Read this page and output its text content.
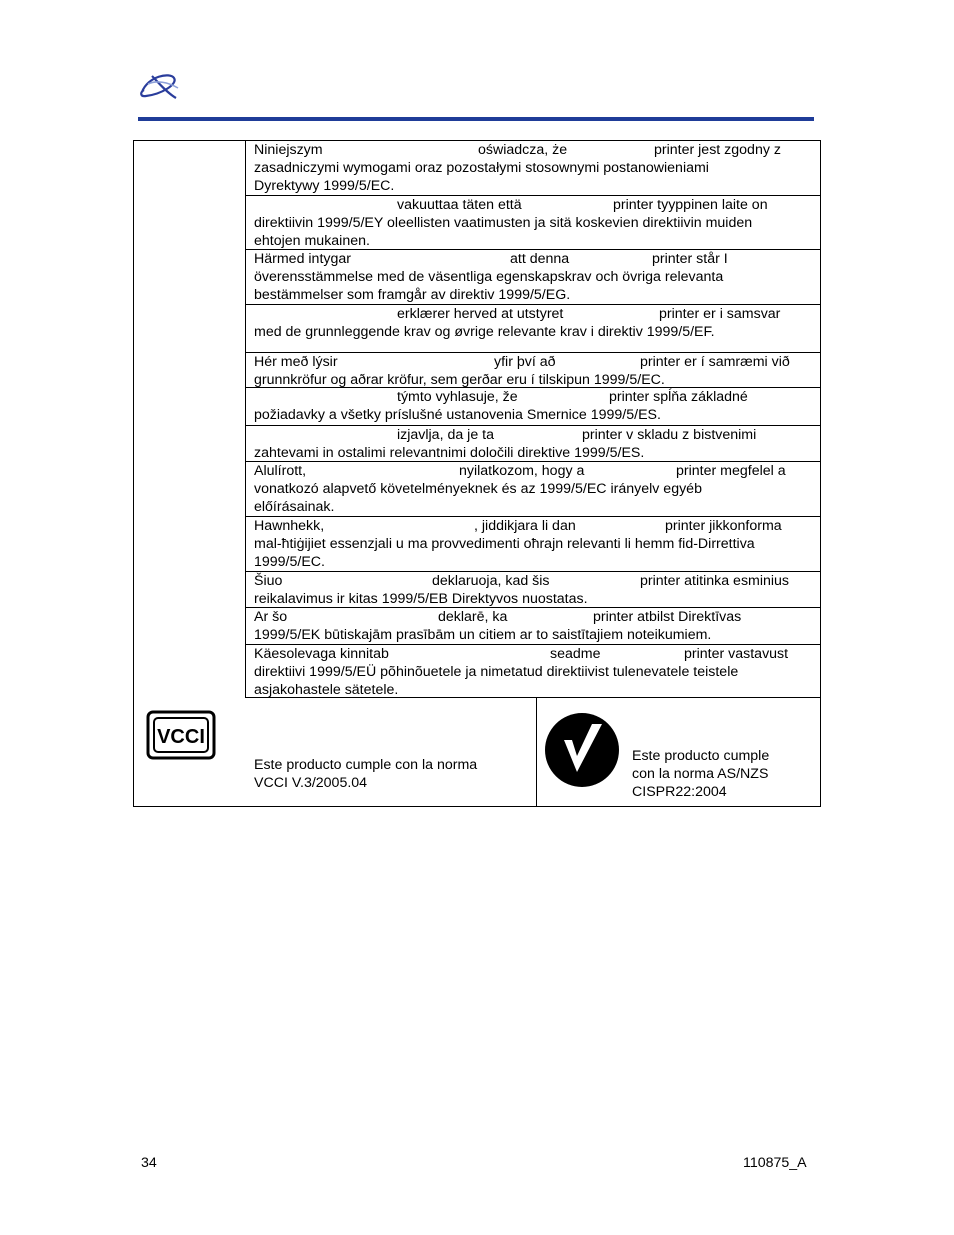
Niniejszym	oświadcza, że	printer jest zgodny z
zasadniczymi wymogami oraz pozostałymi stosownymi postanowieniami
Dyrektywy 1999/5/EC.
vakuuttaa täten että	printer tyyppinen laite on
direktiivin 1999/5/EY oleellisten vaatimusten ja sitä koskevien direktiivin muiden
ehtojen mukainen.
Härmed intygar	att denna	printer står I
överensstämmelse med de väsentliga egenskapskrav och övriga relevanta
bestämmelser som framgår av direktiv 1999/5/EG.
erklærer herved at utstyret	printer er i samsvar
med de grunnleggende krav og øvrige relevante krav i direktiv 1999/5/EF.
Hér með lýsir	yfir því að	printer er í samræmi við
grunnkröfur og aðrar kröfur, sem gerðar eru í tilskipun 1999/5/EC.
týmto vyhlasuje, že	printer spĺňa základné
požiadavky a všetky príslušné ustanovenia Smernice 1999/5/ES.
izjavlja, da je ta	printer v skladu z bistvenimi
zahtevami in ostalimi relevantnimi določili direktive 1999/5/ES.
Alulírott,	nyilatkozom, hogy a	printer megfelel a
vonatkozó alapvető követelményeknek és az 1999/5/EC irányelv egyéb
előírásainak.
Hawnhekk,	, jiddikjara li dan	printer jikkonforma
mal-ħtiġijiet essenzjali u ma provvedimenti oħrajn relevanti li hemm fid-Dirrettiva
1999/5/EC.
Šiuo	deklaruoja, kad šis	printer atitinka esminius
reikalavimus ir kitas 1999/5/EB Direktyvos nuostatas.
Ar šo	deklarē, ka	printer atbilst Direktīvas
1999/5/EK būtiskajām prasībām un citiem ar to saistītajiem noteikumiem.
Käesolevaga kinnitab	seadme	printer vastavust
direktiivi 1999/5/EÜ põhinõuetele ja nimetatud direktiivist tulenevatele teistele
asjakohastele sätetele.
VCCI
Este producto cumple con la norma
VCCI V.3/2005.04
Este producto cumple
con la norma AS/NZS
CISPR22:2004
34	110875_A
